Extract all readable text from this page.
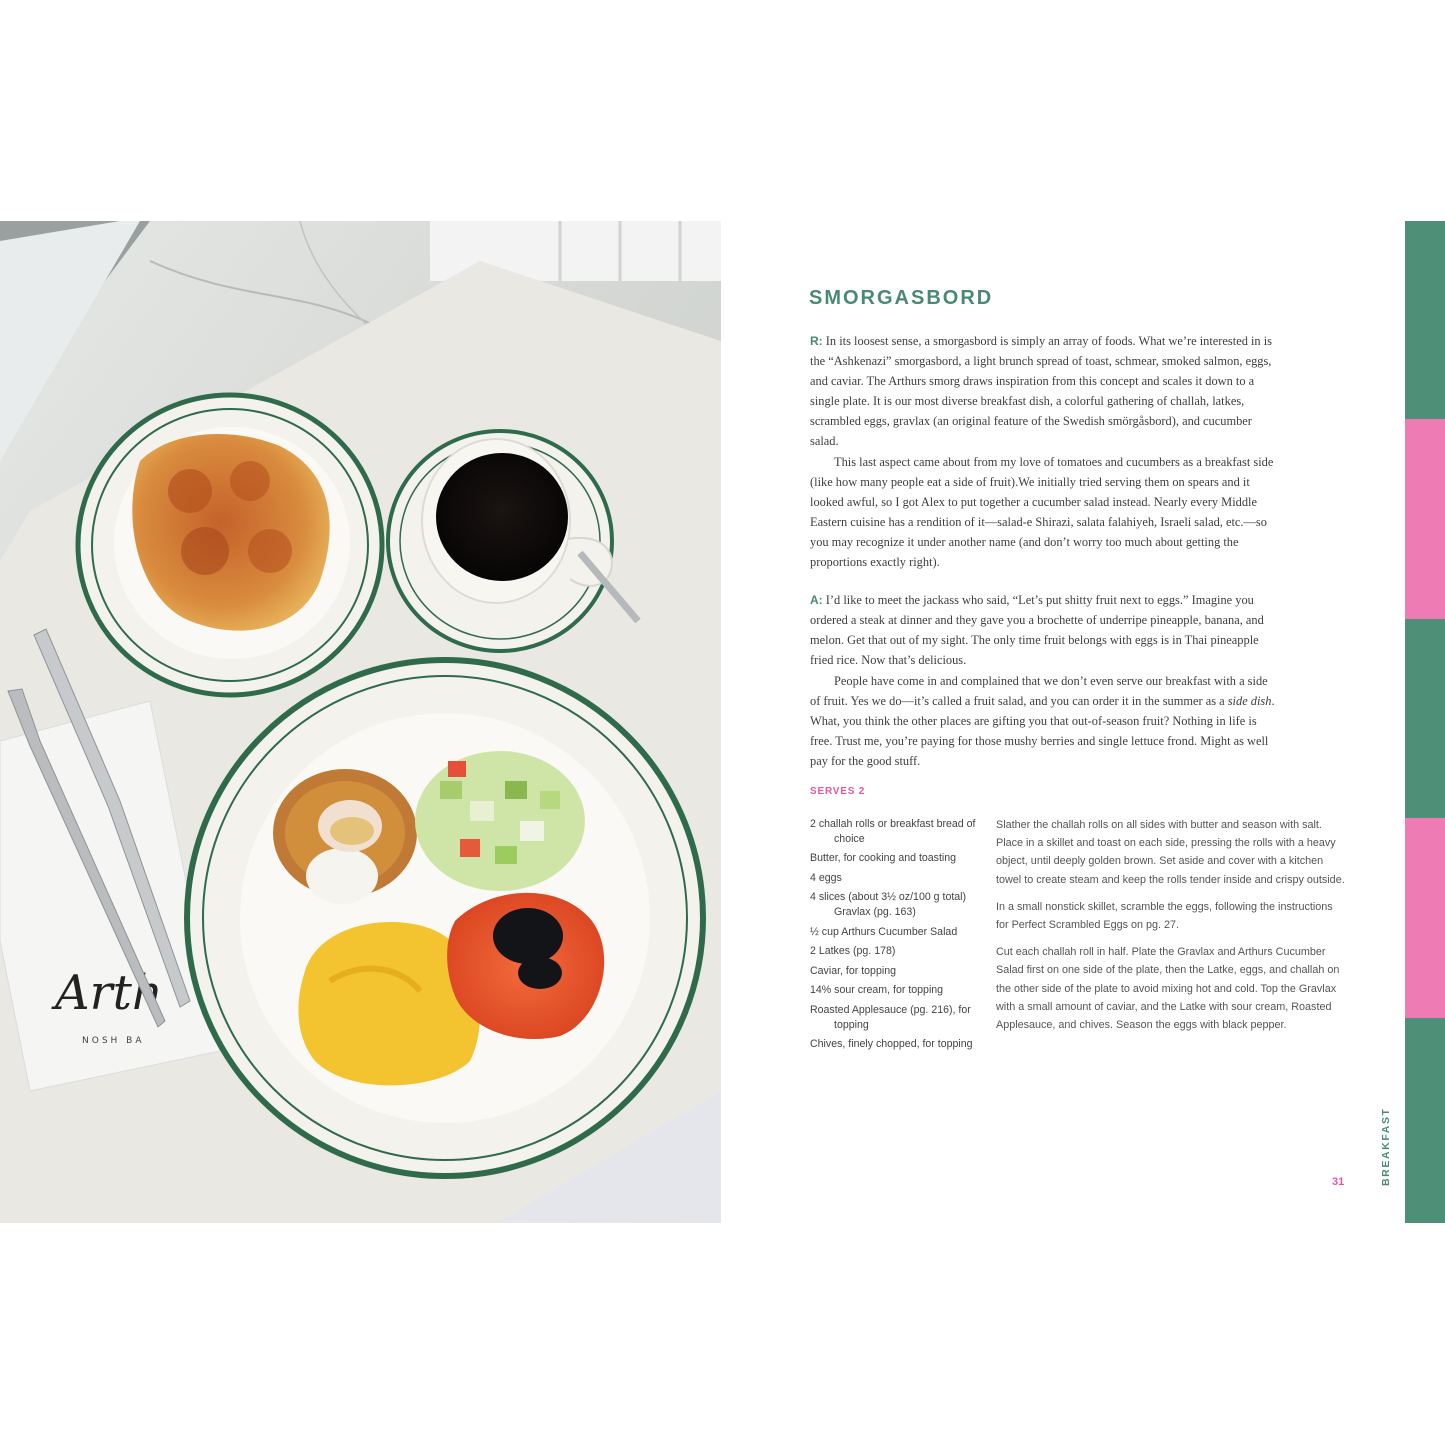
Arth
NOSH BA
SMORGASBORD

R: In its loosest sense, a smorgasbord is simply an array of foods. What we’re interested in is the “Ashkenazi” smorgasbord, a light brunch spread of toast, schmear, smoked salmon, eggs, and caviar. The Arthurs smorg draws inspiration from this concept and scales it down to a single plate. It is our most diverse breakfast dish, a colorful gathering of challah, latkes, scrambled eggs, gravlax (an original feature of the Swedish smörgåsbord), and cucumber salad.

This last aspect came about from my love of tomatoes and cucumbers as a breakfast side (like how many people eat a side of fruit).We initially tried serving them on spears and it looked awful, so I got Alex to put together a cucumber salad instead. Nearly every Middle Eastern cuisine has a rendition of it—salad-e Shirazi, salata falahiyeh, Israeli salad, etc.—so you may recognize it under another name (and don’t worry too much about getting the proportions exactly right).

A: I’d like to meet the jackass who said, “Let’s put shitty fruit next to eggs.” Imagine you ordered a steak at dinner and they gave you a brochette of underripe pineapple, banana, and melon. Get that out of my sight. The only time fruit belongs with eggs is in Thai pineapple fried rice. Now that’s delicious.

People have come in and complained that we don’t even serve our breakfast with a side of fruit. Yes we do—it’s called a fruit salad, and you can order it in the summer as a side dish. What, you think the other places are gifting you that out-of-season fruit? Nothing in life is free. Trust me, you’re paying for those mushy berries and single lettuce frond. Might as well pay for the good stuff.

SERVES 2
2 challah rolls or breakfast bread of choice
Butter, for cooking and toasting
4 eggs
4 slices (about 3½ oz/100 g total) Gravlax (pg. 163)
½ cup Arthurs Cucumber Salad
2 Latkes (pg. 178)
Caviar, for topping
14% sour cream, for topping
Roasted Applesauce (pg. 216), for topping
Chives, finely chopped, for topping

Slather the challah rolls on all sides with butter and season with salt. Place in a skillet and toast on each side, pressing the rolls with a heavy object, until deeply golden brown. Set aside and cover with a kitchen towel to create steam and keep the rolls tender inside and crispy outside.

In a small nonstick skillet, scramble the eggs, following the instructions for Perfect Scrambled Eggs on pg. 27.

Cut each challah roll in half. Plate the Gravlax and Arthurs Cucumber Salad first on one side of the plate, then the Latke, eggs, and challah on the other side of the plate to avoid mixing hot and cold. Top the Gravlax with a small amount of caviar, and the Latke with sour cream, Roasted Applesauce, and chives. Season the eggs with black pepper.

31	BREAKFAST
